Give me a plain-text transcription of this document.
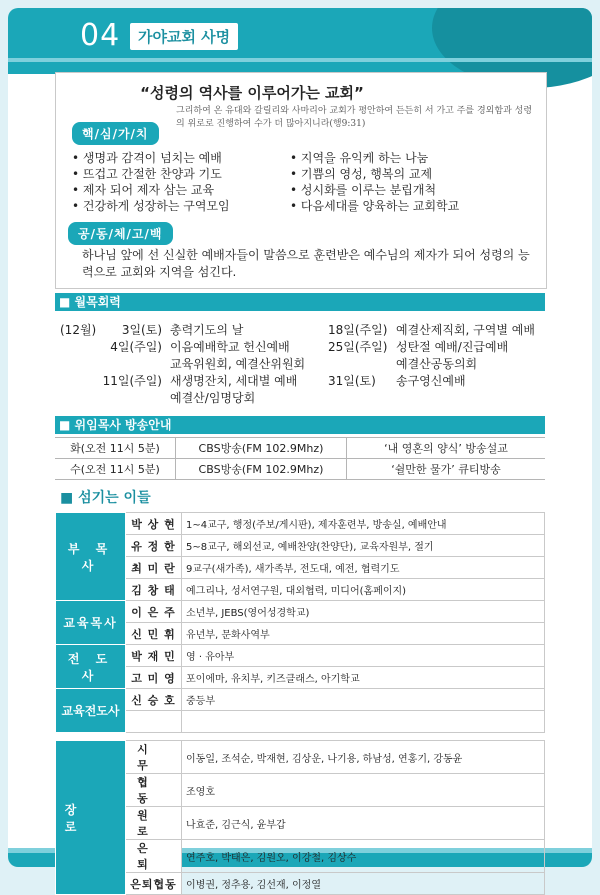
04	가야교회 사명
“성령의 역사를 이루어가는 교회”
그리하여 온 유대와 갈릴리와 사마리아 교회가 평안하여 든든히 서 가고 주를 경외함과 성령의 위로로 진행하여 수가 더 많아지니라(행9:31)
핵/심/가/치
• 생명과 감격이 넘치는 예배
• 뜨겁고 간절한 찬양과 기도
• 제자 되어 제자 삼는 교육
• 건강하게 성장하는 구역모임
• 지역을 유익케 하는 나눔
• 기쁨의 영성, 행복의 교제
• 성시화를 이루는 분립개척
• 다음세대를 양육하는 교회학교
공/동/체/고/백
하나님 앞에 선 신실한 예배자들이 말씀으로 훈련받은 예수님의 제자가 되어 성령의 능력으로 교회와 지역을 섬긴다.
■ 월목회력
(12월)	3일(토) 총력기도의 날
4일(주일) 이음예배학교 헌신예배
교육위원회, 예결산위원회
11일(주일) 새생명잔치, 세대별 예배
예결산/임명당회
18일(주일) 예결산제직회, 구역별 예배
25일(주일) 성탄절 예배/진급예배
예결산공동의회
31일(토) 송구영신예배
■ 위임목사 방송안내
화(오전 11시 5분)	CBS방송(FM 102.9Mhz)	‘내 영혼의 양식’ 방송설교
수(오전 11시 5분)	CBS방송(FM 102.9Mhz)	‘쉴만한 물가’ 큐티방송
■ 섬기는 이들
부 목 사	박 상 현	1~4교구, 행정(주보/게시판), 제자훈련부, 방송실, 예배안내
	유 정 한	5~8교구, 해외선교, 예배찬양(찬양단), 교육자원부, 절기
	최 미 란	9교구(새가족), 새가족부, 전도대, 예전, 협력기도
	김 창 태	예그리나, 성서연구원, 대외협력, 미디어(홈페이지)
교육목사	이 은 주	소년부, JEBS(영어성경학교)
	신 민 휘	유년부, 문화사역부
전 도 사	박 재 민	영 · 유아부
	고 미 영	포이에마, 유치부, 키즈클래스, 아기학교
교육전도사	신 승 호	중등부

장 로	시 무	이동일, 조석순, 박재현, 김상운, 나기용, 하남성, 연홍기, 강동윤
	협 동	조영호
	원 로	나효준, 김근식, 윤부갑
	은 퇴	연주호, 박태은, 김원오, 이강철, 김상수
	은퇴협동	이병권, 정추용, 김선재, 이정열
